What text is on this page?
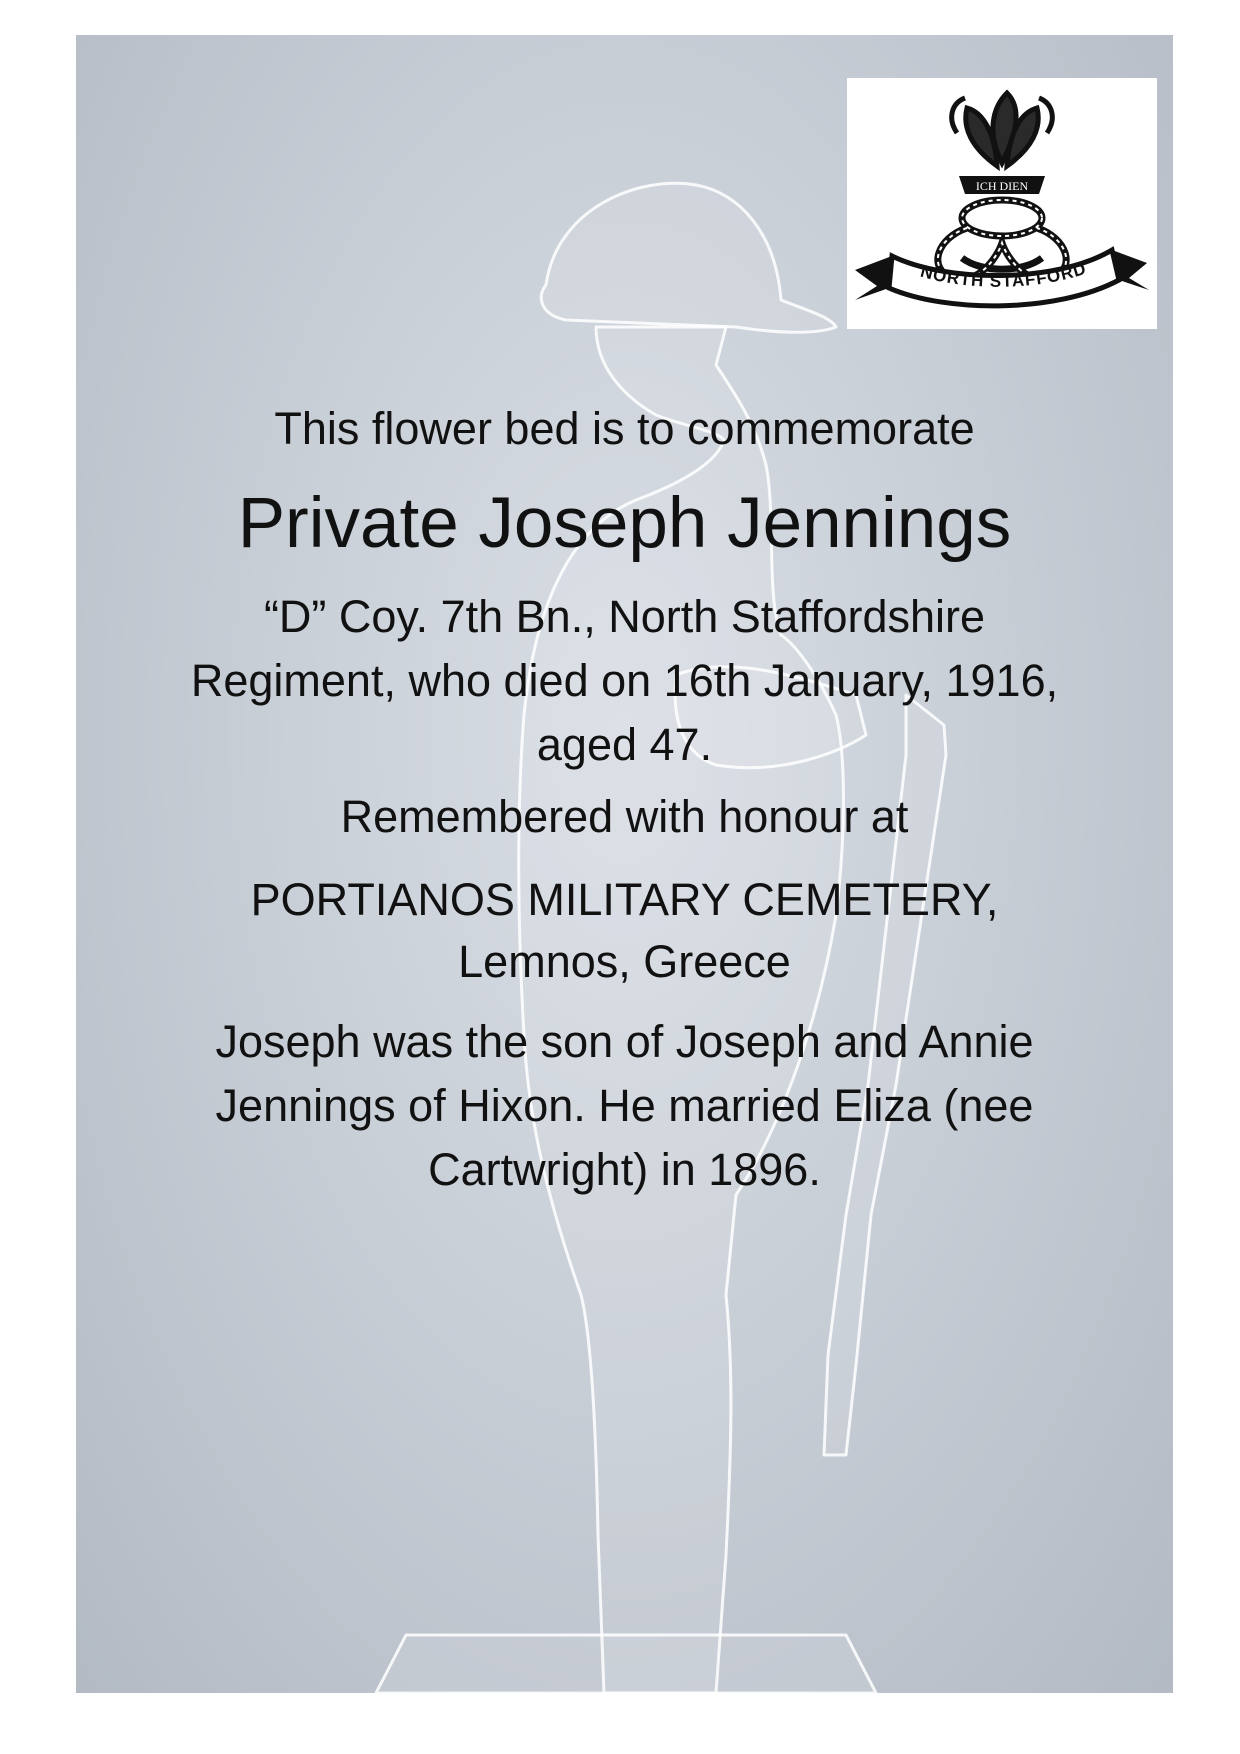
ICH DIEN
NORTH STAFFORD

This flower bed is to commemorate

Private Joseph Jennings

“D” Coy. 7th Bn., North Staffordshire
Regiment, who died on 16th January, 1916,
aged 47.

Remembered with honour at

PORTIANOS MILITARY CEMETERY,
Lemnos, Greece

Joseph was the son of Joseph and Annie
Jennings of Hixon. He married Eliza (nee
Cartwright) in 1896.
